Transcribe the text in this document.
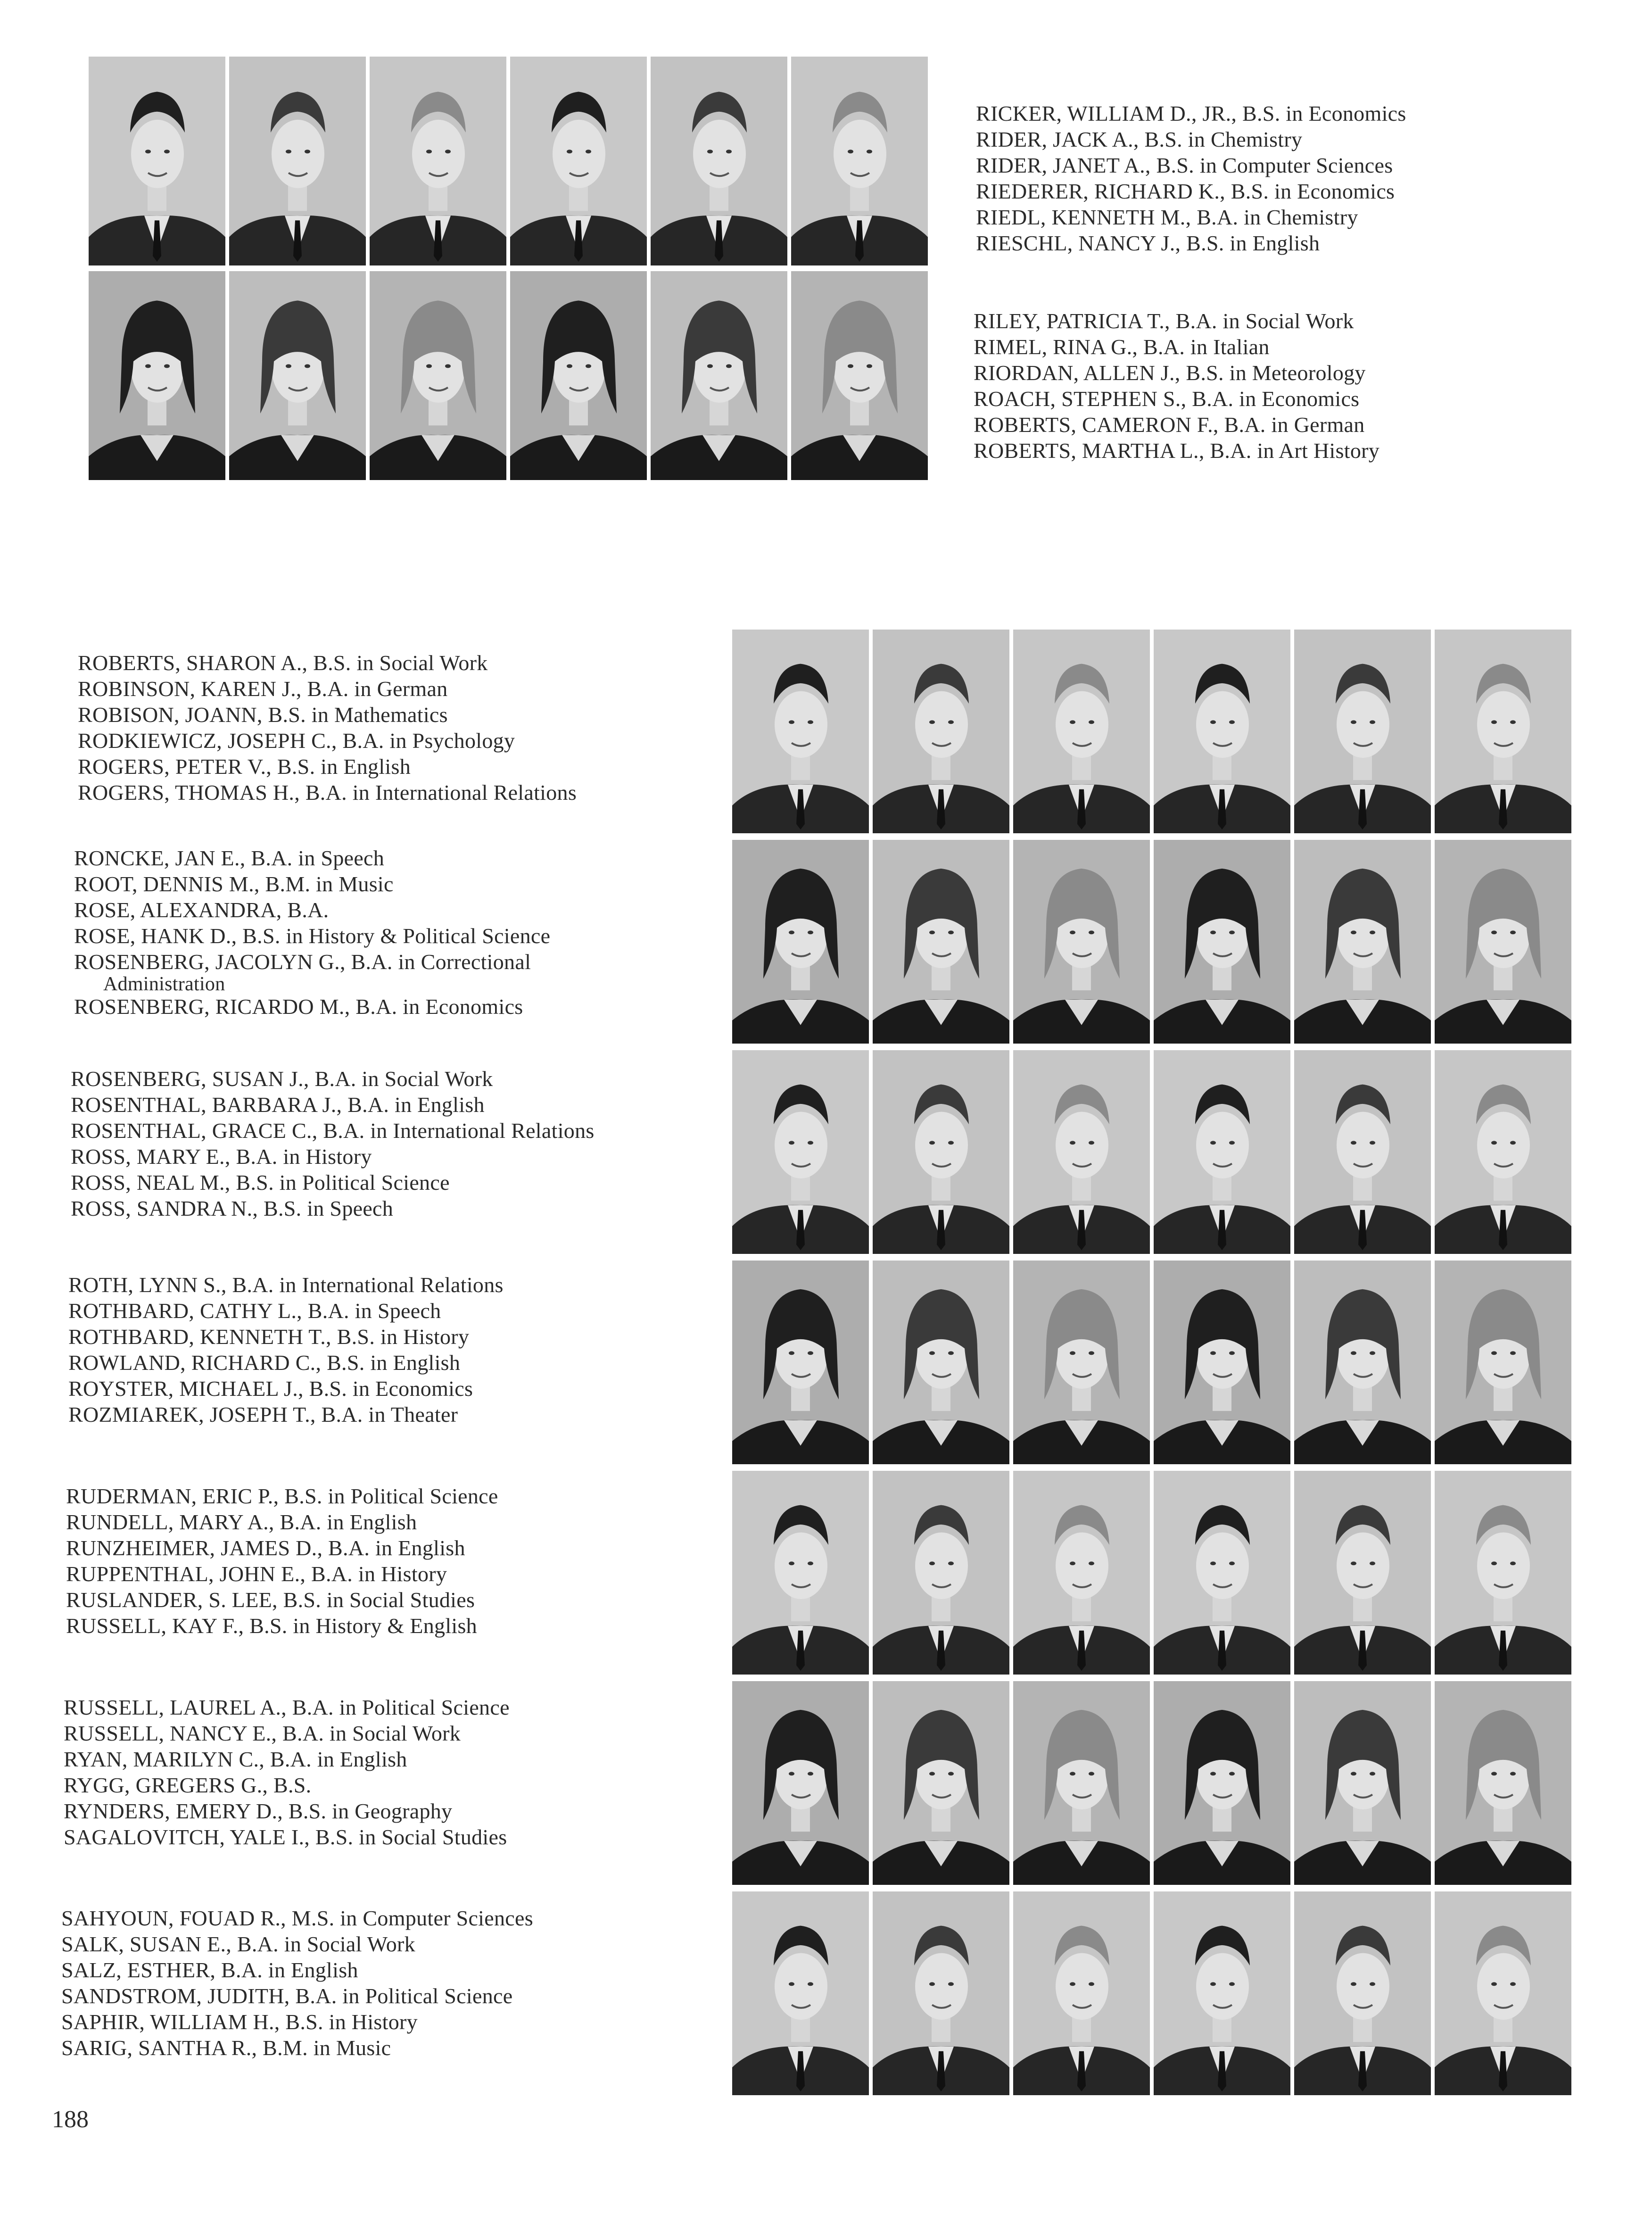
RICKER, WILLIAM D., JR., B.S. in Economics
RIDER, JACK A., B.S. in Chemistry
RIDER, JANET A., B.S. in Computer Sciences
RIEDERER, RICHARD K., B.S. in Economics
RIEDL, KENNETH M., B.A. in Chemistry
RIESCHL, NANCY J., B.S. in English
RILEY, PATRICIA T., B.A. in Social Work
RIMEL, RINA G., B.A. in Italian
RIORDAN, ALLEN J., B.S. in Meteorology
ROACH, STEPHEN S., B.A. in Economics
ROBERTS, CAMERON F., B.A. in German
ROBERTS, MARTHA L., B.A. in Art History
ROBERTS, SHARON A., B.S. in Social Work
ROBINSON, KAREN J., B.A. in German
ROBISON, JOANN, B.S. in Mathematics
RODKIEWICZ, JOSEPH C., B.A. in Psychology
ROGERS, PETER V., B.S. in English
ROGERS, THOMAS H., B.A. in International Relations
RONCKE, JAN E., B.A. in Speech
ROOT, DENNIS M., B.M. in Music
ROSE, ALEXANDRA, B.A.
ROSE, HANK D., B.S. in History & Political Science
ROSENBERG, JACOLYN G., B.A. in Correctional
Administration
ROSENBERG, RICARDO M., B.A. in Economics
ROSENBERG, SUSAN J., B.A. in Social Work
ROSENTHAL, BARBARA J., B.A. in English
ROSENTHAL, GRACE C., B.A. in International Relations
ROSS, MARY E., B.A. in History
ROSS, NEAL M., B.S. in Political Science
ROSS, SANDRA N., B.S. in Speech
ROTH, LYNN S., B.A. in International Relations
ROTHBARD, CATHY L., B.A. in Speech
ROTHBARD, KENNETH T., B.S. in History
ROWLAND, RICHARD C., B.S. in English
ROYSTER, MICHAEL J., B.S. in Economics
ROZMIAREK, JOSEPH T., B.A. in Theater
RUDERMAN, ERIC P., B.S. in Political Science
RUNDELL, MARY A., B.A. in English
RUNZHEIMER, JAMES D., B.A. in English
RUPPENTHAL, JOHN E., B.A. in History
RUSLANDER, S. LEE, B.S. in Social Studies
RUSSELL, KAY F., B.S. in History & English
RUSSELL, LAUREL A., B.A. in Political Science
RUSSELL, NANCY E., B.A. in Social Work
RYAN, MARILYN C., B.A. in English
RYGG, GREGERS G., B.S.
RYNDERS, EMERY D., B.S. in Geography
SAGALOVITCH, YALE I., B.S. in Social Studies
SAHYOUN, FOUAD R., M.S. in Computer Sciences
SALK, SUSAN E., B.A. in Social Work
SALZ, ESTHER, B.A. in English
SANDSTROM, JUDITH, B.A. in Political Science
SAPHIR, WILLIAM H., B.S. in History
SARIG, SANTHA R., B.M. in Music
188
